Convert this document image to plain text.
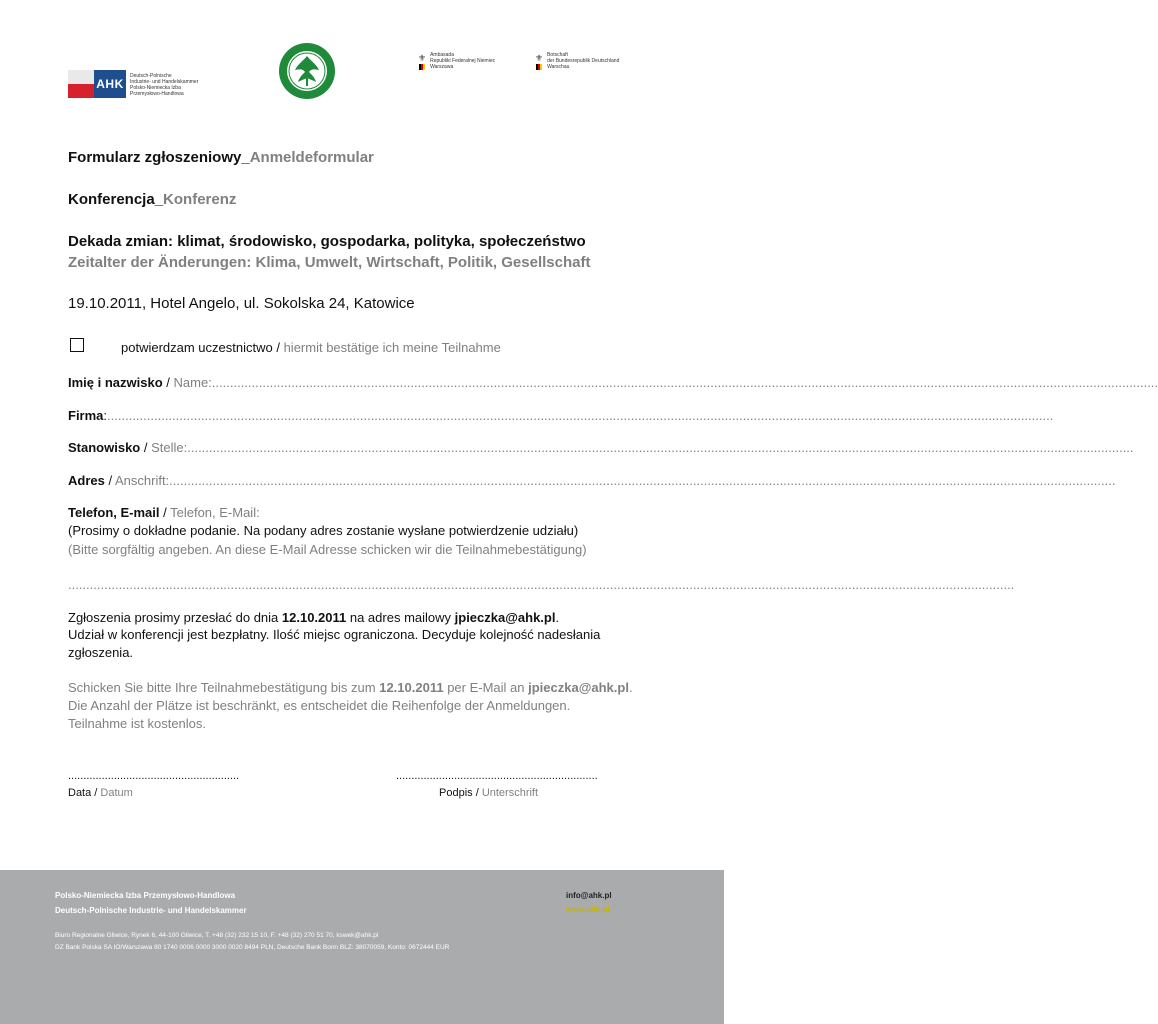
AHK
Deutsch-Polnische
Industrie- und Handelskammer
Polsko-Niemiecka Izba
Przemysłowo-Handlowa
⚜ Ambasada
Republiki Federalnej Niemiec
Warszawa
⚜ Botschaft
der Bundesrepublik Deutschland
Warschau
Formularz zgłoszeniowy_Anmeldeformular
Konferencja_Konferenz
Dekada zmian: klimat, środowisko, gospodarka, polityka, społeczeństwo
Zeitalter der Änderungen: Klima, Umwelt, Wirtschaft, Politik, Gesellschaft
19.10.2011, Hotel Angelo, ul. Sokolska 24, Katowice
potwierdzam uczestnictwo / hiermit bestätige ich meine Teilnahme
Imię i nazwisko / Name:......................................................................................................................................................................................................................................................................
Firma:......................................................................................................................................................................................................................................................................
Stanowisko / Stelle:......................................................................................................................................................................................................................................................................
Adres / Anschrift:......................................................................................................................................................................................................................................................................
Telefon, E-mail / Telefon, E-Mail:
(Prosimy o dokładne podanie. Na podany adres zostanie wysłane potwierdzenie udziału)
(Bitte sorgfältig angeben. An diese E-Mail Adresse schicken wir die Teilnahmebestätigung)
......................................................................................................................................................................................................................................................................
Zgłoszenia prosimy przesłać do dnia 12.10.2011 na adres mailowy jpieczka@ahk.pl.
Udział w konferencji jest bezpłatny. Ilość miejsc ograniczona. Decyduje kolejność nadesłania
zgłoszenia.
Schicken Sie bitte Ihre Teilnahmebestätigung bis zum 12.10.2011 per E-Mail an jpieczka@ahk.pl.
Die Anzahl der Plätze ist beschränkt, es entscheidet die Reihenfolge der Anmeldungen.
Teilnahme ist kostenlos.
........................................................	..................................................................
Data / Datum	Podpis / Unterschrift
Polsko-Niemiecka Izba Przemysłowo-Handlowa
Deutsch-Polnische Industrie- und Handelskammer
Biuro Regionalne Gliwice, Rynek 6, 44-100 Gliwice, T. +48 (32) 232 15 10, F. +48 (32) 270 51 70, kswek@ahk.pl
DZ Bank Polska SA IO/Warszawa 80 1740 0006 0000 3000 0020 8494 PLN, Deutsche Bank Bonn BLZ: 38070059, Konto: 0672444 EUR
info@ahk.pl
www.ahk.pl
